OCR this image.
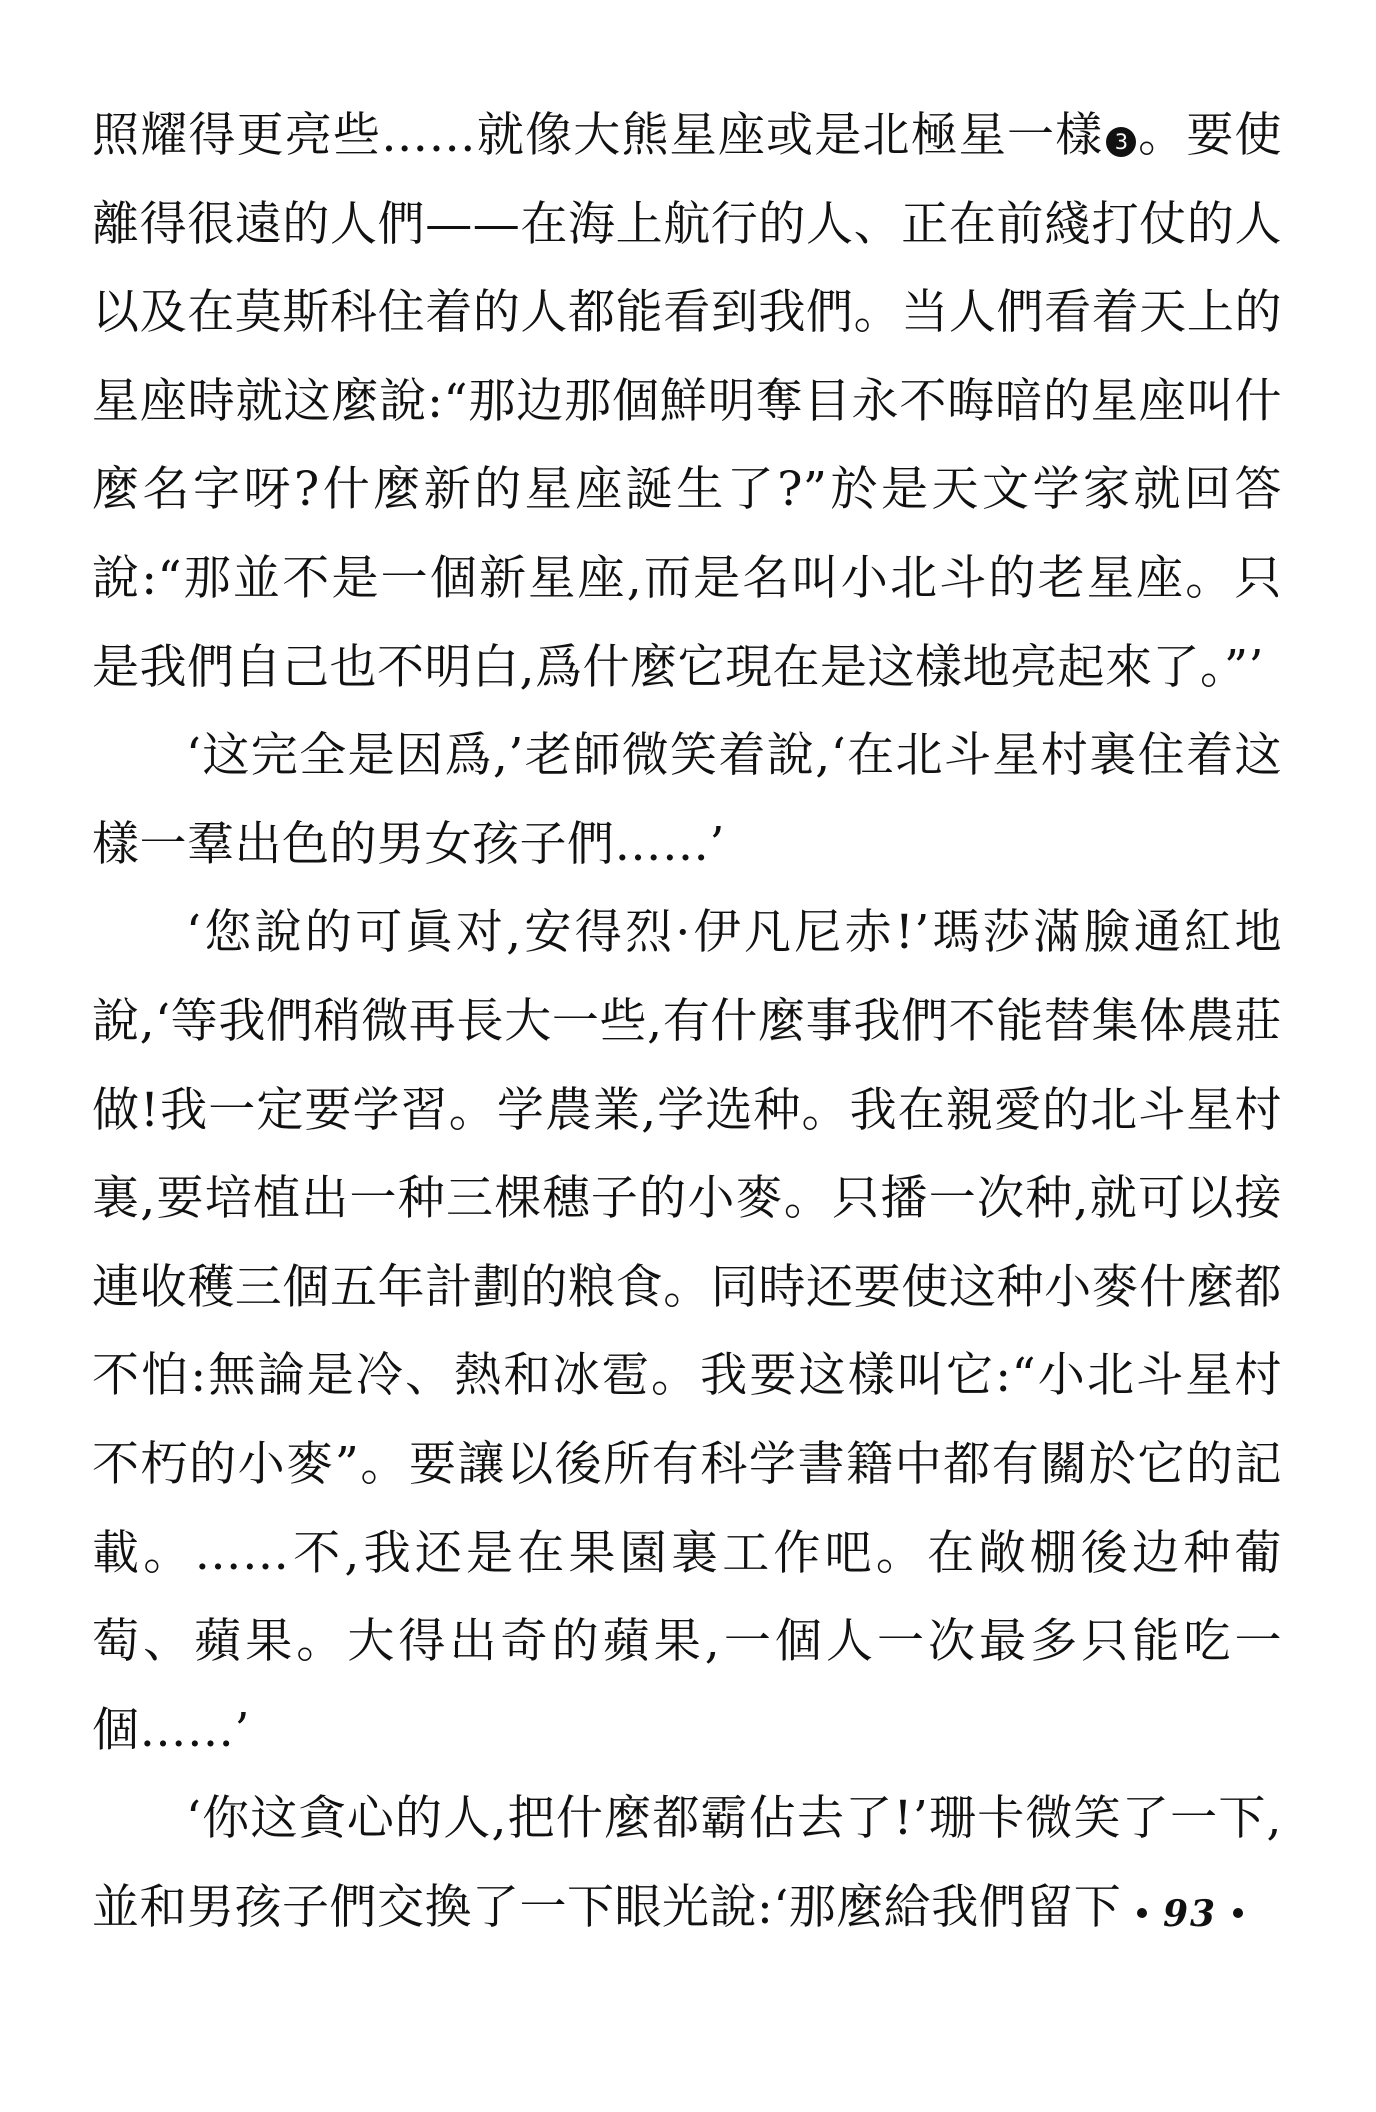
照耀得更亮些……就像大熊星座或是北極星一樣 3 。要使離得很遠的人們——在海上航行的人、正在前綫打仗的人以及在莫斯科住着的人都能看到我們。当人們看着天上的星座時就这麼說:“那边那個鮮明奪目永不晦暗的星座叫什麼名字呀?什麼新的星座誕生了?”於是天文学家就回答說:“那並不是一個新星座,而是名叫小北斗的老星座。只是我們自己也不明白,爲什麼它現在是这樣地亮起來了。”’

‘这完全是因爲,’老師微笑着說,‘在北斗星村裏住着这樣一羣出色的男女孩子們……’

‘您說的可眞对,安得烈·伊凡尼赤!’瑪莎滿臉通紅地說,‘等我們稍微再長大一些,有什麼事我們不能替集体農莊做!我一定要学習。学農業,学选种。我在親愛的北斗星村裏,要培植出一种三棵穗子的小麥。只播一次种,就可以接連收穫三個五年計劃的粮食。同時还要使这种小麥什麼都不怕:無論是冷、熱和冰雹。我要这樣叫它:“小北斗星村不朽的小麥”。要讓以後所有科学書籍中都有關於它的記載。……不,我还是在果園裏工作吧。在敞棚後边种葡萄、蘋果。大得出奇的蘋果,一個人一次最多只能吃一個……’

‘你这貪心的人,把什麼都霸佔去了!’珊卡微笑了一下,並和男孩子們交換了一下眼光說:‘那麼給我們留下	93
